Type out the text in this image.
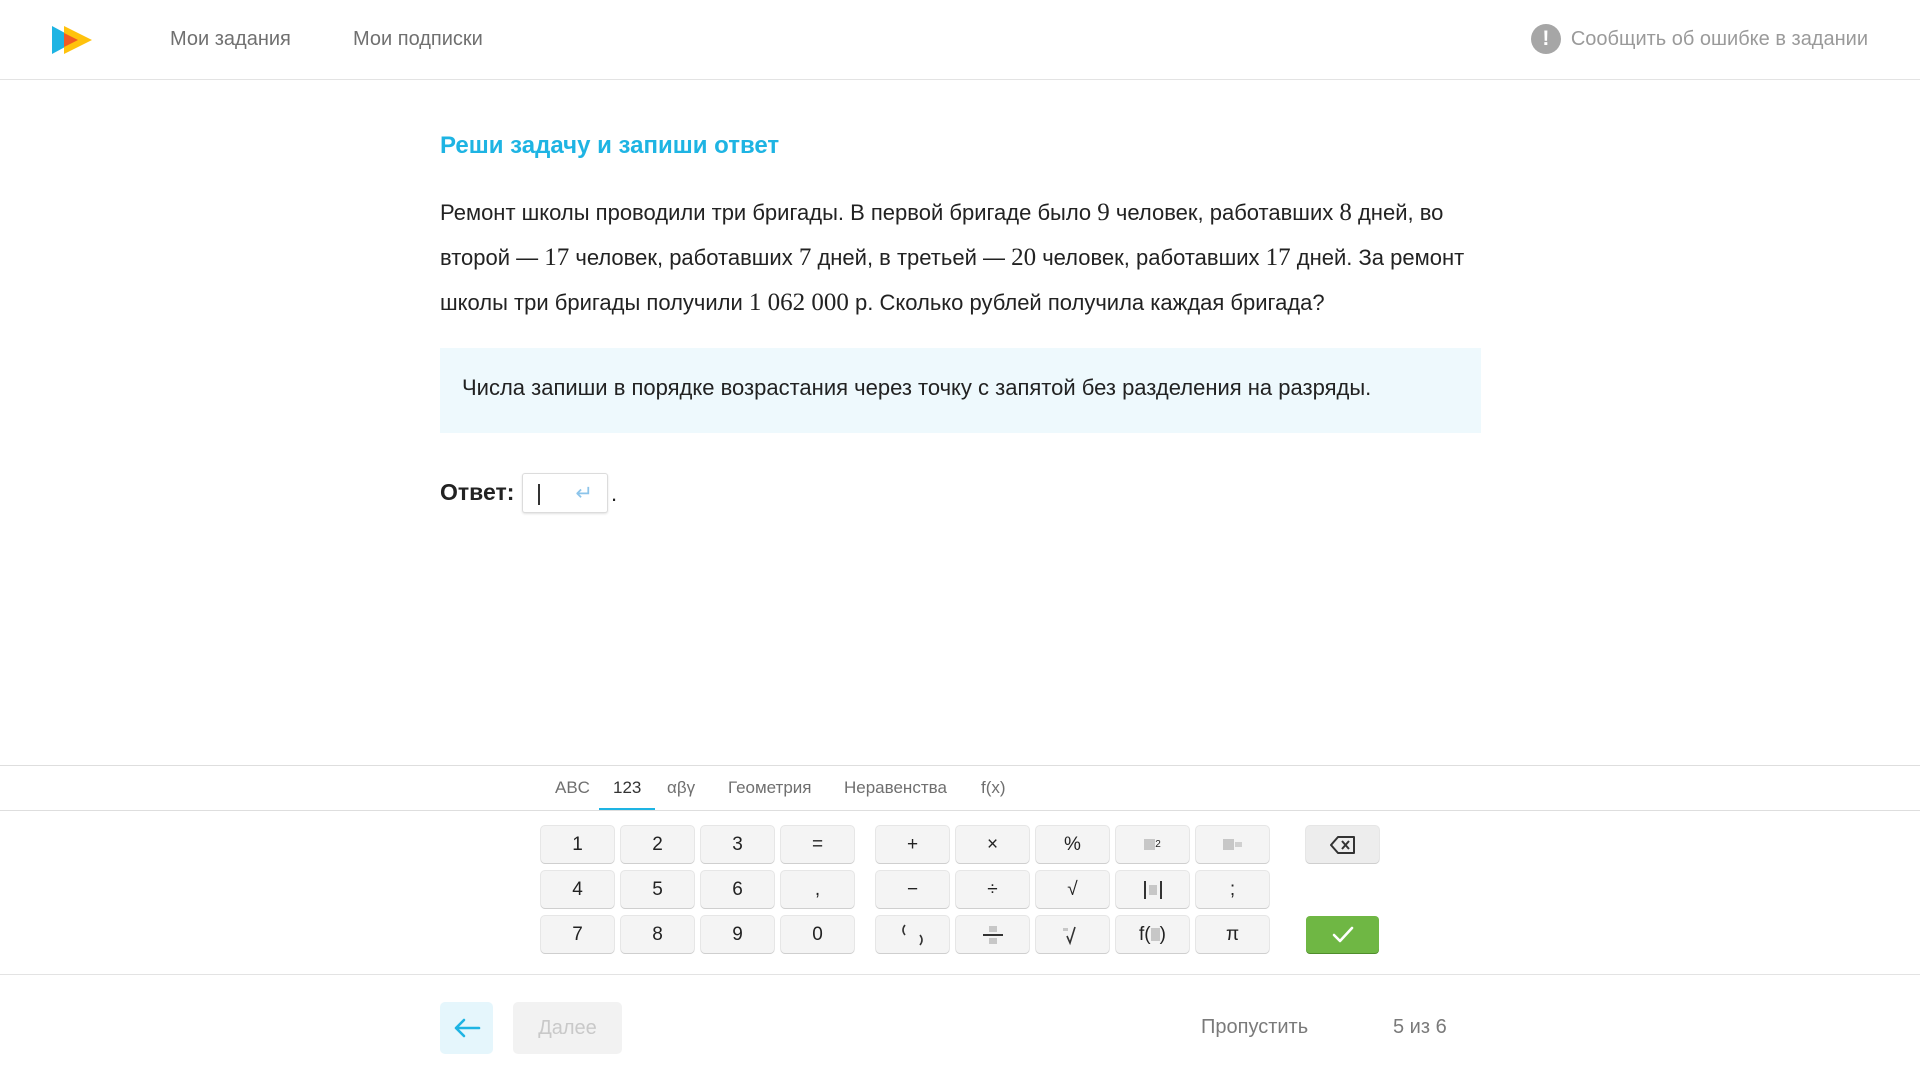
Мои задания	Мои подписки	!	Сообщить об ошибке в задании
Реши задачу и запиши ответ
Ремонт школы проводили три бригады. В первой бригаде было 9 человек, работавших 8 дней, во второй — 17 человек, работавших 7 дней, в третьей — 20 человек, работавших 17 дней. За ремонт школы три бригады получили 1 062 000 р. Сколько рублей получила каждая бригада?
Числа запиши в порядке возрастания через точку с запятой без разделения на разряды.
Ответ:	↵ .
ABC 123 αβγ Геометрия Неравенства f(x)
1	2	3	=	+	×	%	2
4	5	6	,	−	÷	√	;
7	8	9	0	f( )	π
Далее	Пропустить	5 из 6
